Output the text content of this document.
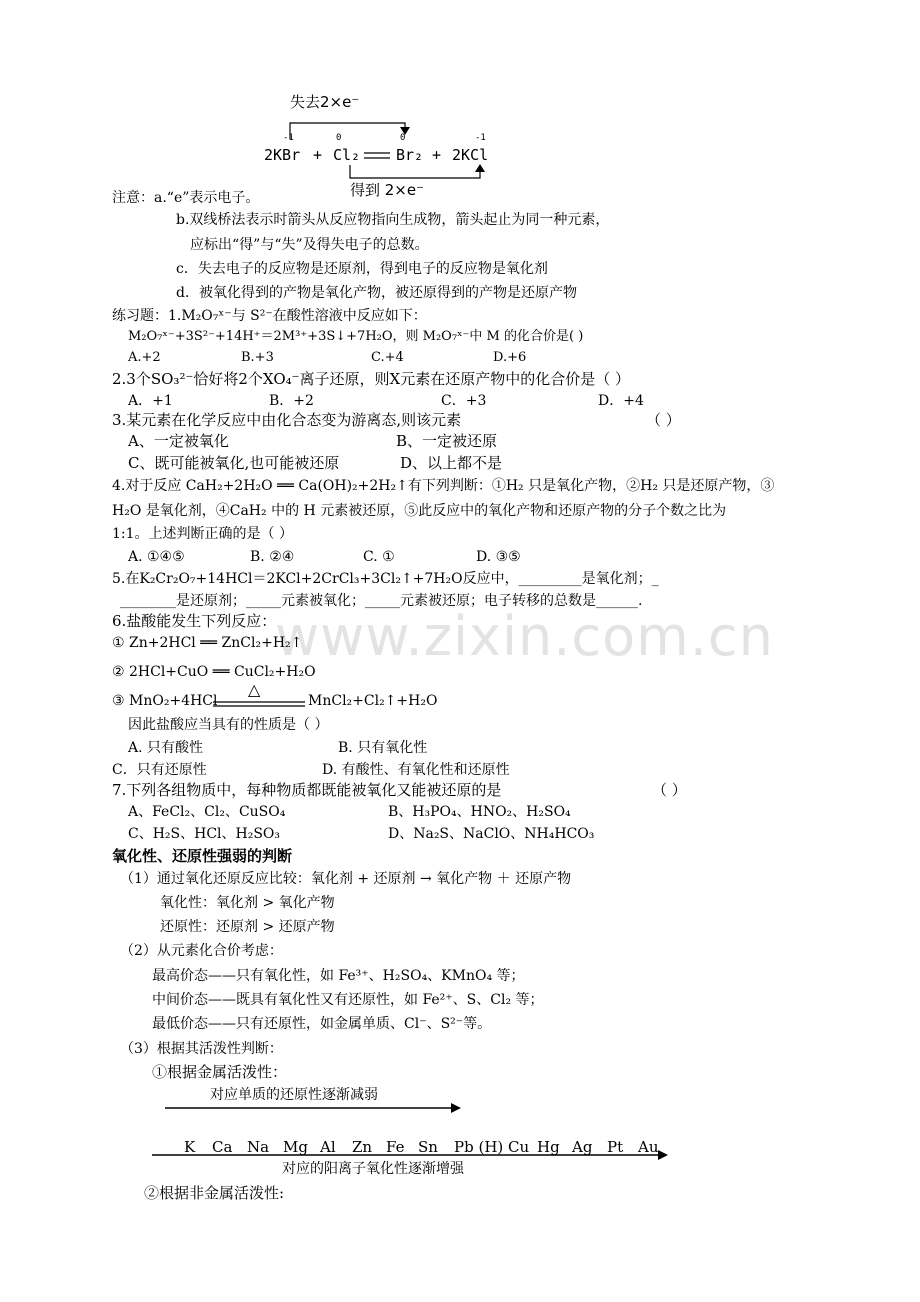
www.zixin.com.cn
失去2×e⁻
-1	0	0	-1
2KBr + Cl₂ Br₂ + 2KCl
得到 2×e⁻
注意：a.“e”表示电子。
b.双线桥法表示时箭头从反应物指向生成物，箭头起止为同一种元素，
应标出“得”与“失”及得失电子的总数。
c．失去电子的反应物是还原剂，得到电子的反应物是氧化剂
d．被氧化得到的产物是氧化产物，被还原得到的产物是还原产物
练习题：1.M₂O₇ˣ⁻与 S²⁻在酸性溶液中反应如下：
M₂O₇ˣ⁻+3S²⁻+14H⁺＝2M³⁺+3S↓+7H₂O，则 M₂O₇ˣ⁻中 M 的化合价是( )
A.+2	B.+3	C.+4	D.+6
2.3个SO₃²⁻恰好将2个XO₄⁻离子还原，则X元素在还原产物中的化合价是（ ）
A．+1	B．+2	C．+3	D．+4
3.某元素在化学反应中由化合态变为游离态,则该元素	（ ）
A、一定被氧化	B、一定被还原
C、既可能被氧化,也可能被还原	D、以上都不是
4.对于反应 CaH₂+2H₂O ══ Ca(OH)₂+2H₂↑有下列判断：①H₂ 只是氧化产物，②H₂ 只是还原产物，③
H₂O 是氧化剂，④CaH₂ 中的 H 元素被还原，⑤此反应中的氧化产物和还原产物的分子个数之比为
1:1。上述判断正确的是（ ）
A. ①④⑤	B. ②④	C. ①	D. ③⑤
5.在K₂Cr₂O₇+14HCl＝2KCl+2CrCl₃+3Cl₂↑+7H₂O反应中，_________是氧化剂；_
________是还原剂；_____元素被氧化；_____元素被还原；电子转移的总数是______.
6.盐酸能发生下列反应：
① Zn+2HCl ══ ZnCl₂+H₂↑
② 2HCl+CuO ══ CuCl₂+H₂O
③ MnO₂+4HCl
△
MnCl₂+Cl₂↑+H₂O
因此盐酸应当具有的性质是（ ）
A. 只有酸性	B. 只有氧化性
C．只有还原性	D. 有酸性、有氧化性和还原性
7.下列各组物质中，每种物质都既能被氧化又能被还原的是	（ ）
A、FeCl₂、Cl₂、CuSO₄	B、H₃PO₄、HNO₂、H₂SO₄
C、H₂S、HCl、H₂SO₃	D、Na₂S、NaClO、NH₄HCO₃
氧化性、还原性强弱的判断
（1）通过氧化还原反应比较：氧化剂 + 还原剂 → 氧化产物 ＋ 还原产物
氧化性：氧化剂 > 氧化产物
还原性：还原剂 > 还原产物
（2）从元素化合价考虑：
最高价态——只有氧化性，如 Fe³⁺、H₂SO₄、KMnO₄ 等；
中间价态——既具有氧化性又有还原性，如 Fe²⁺、S、Cl₂ 等；
最低价态——只有还原性，如金属单质、Cl⁻、S²⁻等。
（3）根据其活泼性判断：
①根据金属活泼性：
对应单质的还原性逐渐减弱
K Ca Na Mg Al Zn Fe Sn Pb (H) Cu Hg Ag Pt Au
对应的阳离子氧化性逐渐增强
②根据非金属活泼性:
